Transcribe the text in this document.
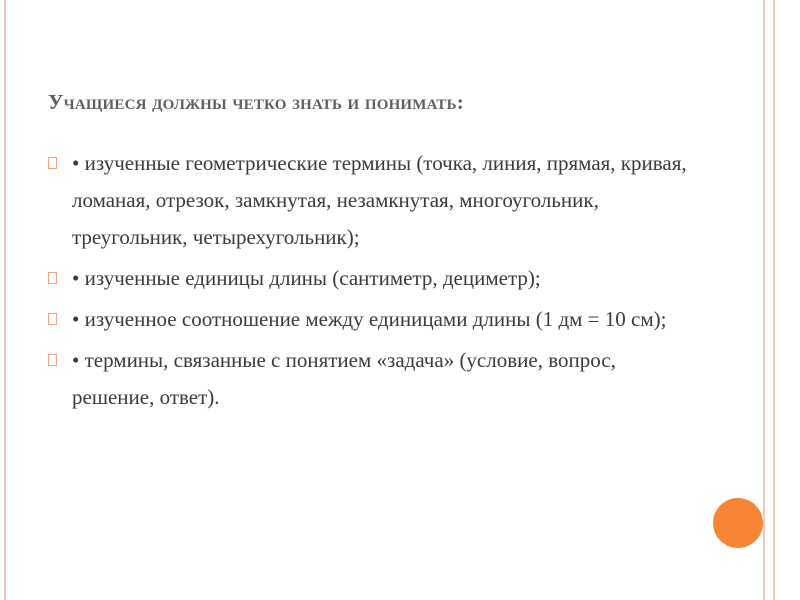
Учащиеся должны четко знать и понимать:
• изученные геометрические термины (точка, линия, прямая, кривая, ломаная, отрезок, замкнутая, незамкнутая, многоугольник, треугольник, четырехугольник);
• изученные единицы длины (сантиметр, дециметр);
• изученное соотношение между единицами длины (1 дм = 10 см);
• термины, связанные с понятием «задача» (условие, вопрос, решение, ответ).
